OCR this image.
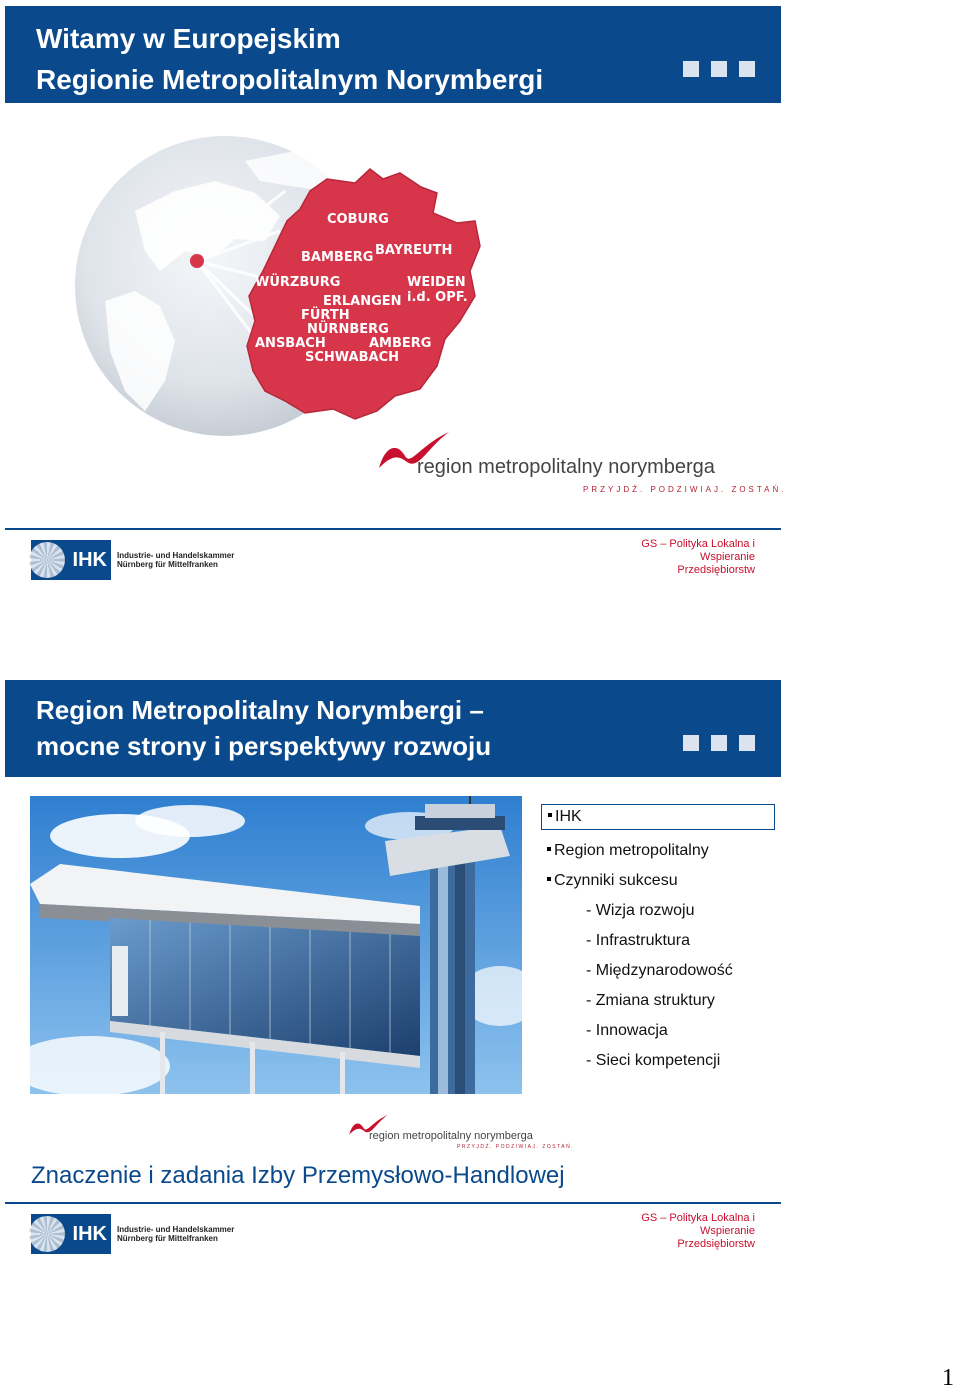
Witamy w Europejskim
Regionie Metropolitalnym Norymbergi
COBURG
BAMBERG BAYREUTH
WÜRZBURG	WEIDEN
i.d. OPF.
ERLANGEN
FÜRTH
NÜRNBERG
ANSBACH	AMBERG
SCHWABACH
region metropolitalny norymberga
PRZYJDŹ. PODZIWIAJ. ZOSTAŃ.
IHK Industrie- und Handelskammer
Nürnberg für Mittelfranken
GS – Polityka Lokalna i
Wspieranie
Przedsiębiorstw
Region Metropolitalny Norymbergi –
mocne strony i perspektywy rozwoju
IHK
Region metropolitalny
Czynniki sukcesu
- Wizja rozwoju
- Infrastruktura
- Międzynarodowość
- Zmiana struktury
- Innowacja
- Sieci kompetencji
region metropolitalny norymberga
PRZYJDŹ. PODZIWIAJ. ZOSTAŃ.
Znaczenie i zadania Izby Przemysłowo-Handlowej
IHK Industrie- und Handelskammer
Nürnberg für Mittelfranken
GS – Polityka Lokalna i
Wspieranie
Przedsiębiorstw
1
